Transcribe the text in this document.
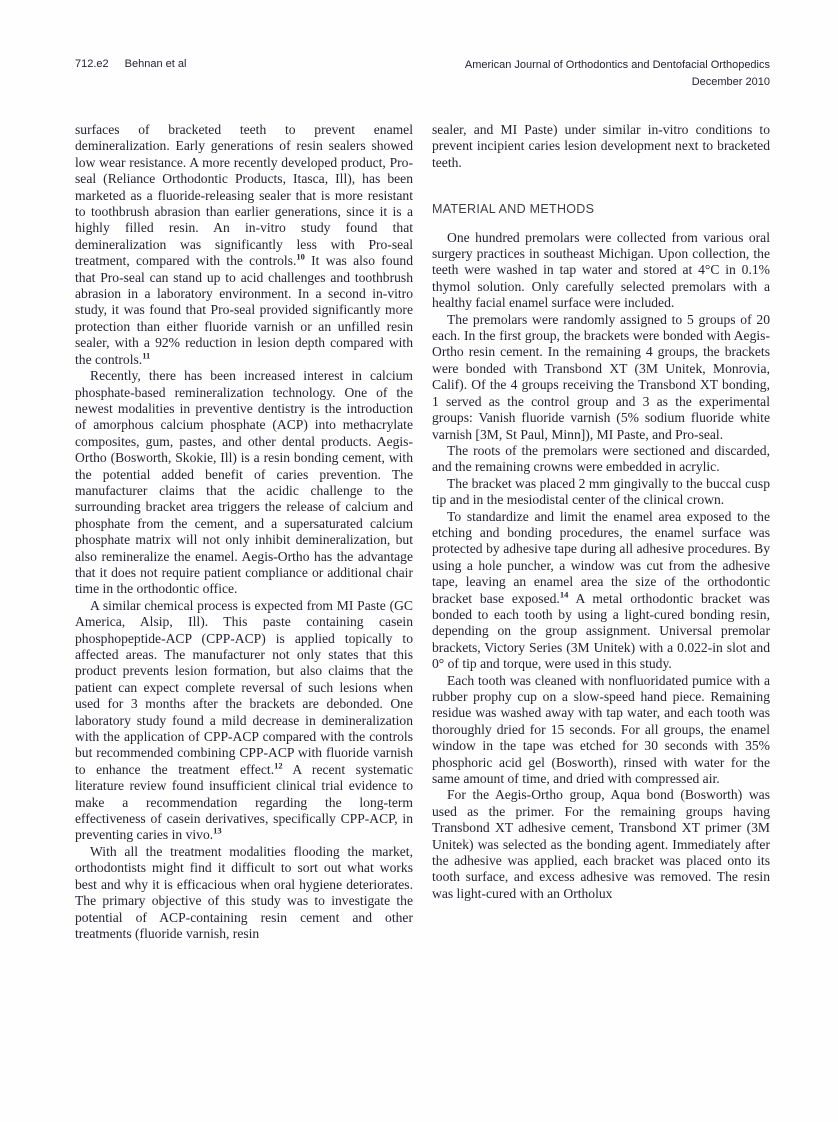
712.e2 Behnan et al	American Journal of Orthodontics and Dentofacial Orthopedics
December 2010

surfaces of bracketed teeth to prevent enamel demineralization. Early generations of resin sealers showed low wear resistance. A more recently developed product, Pro-seal (Reliance Orthodontic Products, Itasca, Ill), has been marketed as a fluoride-releasing sealer that is more resistant to toothbrush abrasion than earlier generations, since it is a highly filled resin. An in-vitro study found that demineralization was significantly less with Pro-seal treatment, compared with the controls.$^{10}$ It was also found that Pro-seal can stand up to acid challenges and toothbrush abrasion in a laboratory environment. In a second in-vitro study, it was found that Pro-seal provided significantly more protection than either fluoride varnish or an unfilled resin sealer, with a 92% reduction in lesion depth compared with the controls.$^{11}$

Recently, there has been increased interest in calcium phosphate-based remineralization technology. One of the newest modalities in preventive dentistry is the introduction of amorphous calcium phosphate (ACP) into methacrylate composites, gum, pastes, and other dental products. Aegis-Ortho (Bosworth, Skokie, Ill) is a resin bonding cement, with the potential added benefit of caries prevention. The manufacturer claims that the acidic challenge to the surrounding bracket area triggers the release of calcium and phosphate from the cement, and a supersaturated calcium phosphate matrix will not only inhibit demineralization, but also remineralize the enamel. Aegis-Ortho has the advantage that it does not require patient compliance or additional chair time in the orthodontic office.

A similar chemical process is expected from MI Paste (GC America, Alsip, Ill). This paste containing casein phosphopeptide-ACP (CPP-ACP) is applied topically to affected areas. The manufacturer not only states that this product prevents lesion formation, but also claims that the patient can expect complete reversal of such lesions when used for 3 months after the brackets are debonded. One laboratory study found a mild decrease in demineralization with the application of CPP-ACP compared with the controls but recommended combining CPP-ACP with fluoride varnish to enhance the treatment effect.$^{12}$ A recent systematic literature review found insufficient clinical trial evidence to make a recommendation regarding the long-term effectiveness of casein derivatives, specifically CPP-ACP, in preventing caries in vivo.$^{13}$

With all the treatment modalities flooding the market, orthodontists might find it difficult to sort out what works best and why it is efficacious when oral hygiene deteriorates. The primary objective of this study was to investigate the potential of ACP-containing resin cement and other treatments (fluoride varnish, resin

sealer, and MI Paste) under similar in-vitro conditions to prevent incipient caries lesion development next to bracketed teeth.

MATERIAL AND METHODS

One hundred premolars were collected from various oral surgery practices in southeast Michigan. Upon collection, the teeth were washed in tap water and stored at 4°C in 0.1% thymol solution. Only carefully selected premolars with a healthy facial enamel surface were included.

The premolars were randomly assigned to 5 groups of 20 each. In the first group, the brackets were bonded with Aegis-Ortho resin cement. In the remaining 4 groups, the brackets were bonded with Transbond XT (3M Unitek, Monrovia, Calif). Of the 4 groups receiving the Transbond XT bonding, 1 served as the control group and 3 as the experimental groups: Vanish fluoride varnish (5% sodium fluoride white varnish [3M, St Paul, Minn]), MI Paste, and Pro-seal.

The roots of the premolars were sectioned and discarded, and the remaining crowns were embedded in acrylic.

The bracket was placed 2 mm gingivally to the buccal cusp tip and in the mesiodistal center of the clinical crown.

To standardize and limit the enamel area exposed to the etching and bonding procedures, the enamel surface was protected by adhesive tape during all adhesive procedures. By using a hole puncher, a window was cut from the adhesive tape, leaving an enamel area the size of the orthodontic bracket base exposed.$^{14}$ A metal orthodontic bracket was bonded to each tooth by using a light-cured bonding resin, depending on the group assignment. Universal premolar brackets, Victory Series (3M Unitek) with a 0.022-in slot and 0° of tip and torque, were used in this study.

Each tooth was cleaned with nonfluoridated pumice with a rubber prophy cup on a slow-speed hand piece. Remaining residue was washed away with tap water, and each tooth was thoroughly dried for 15 seconds. For all groups, the enamel window in the tape was etched for 30 seconds with 35% phosphoric acid gel (Bosworth), rinsed with water for the same amount of time, and dried with compressed air.

For the Aegis-Ortho group, Aqua bond (Bosworth) was used as the primer. For the remaining groups having Transbond XT adhesive cement, Transbond XT primer (3M Unitek) was selected as the bonding agent. Immediately after the adhesive was applied, each bracket was placed onto its tooth surface, and excess adhesive was removed. The resin was light-cured with an Ortholux
